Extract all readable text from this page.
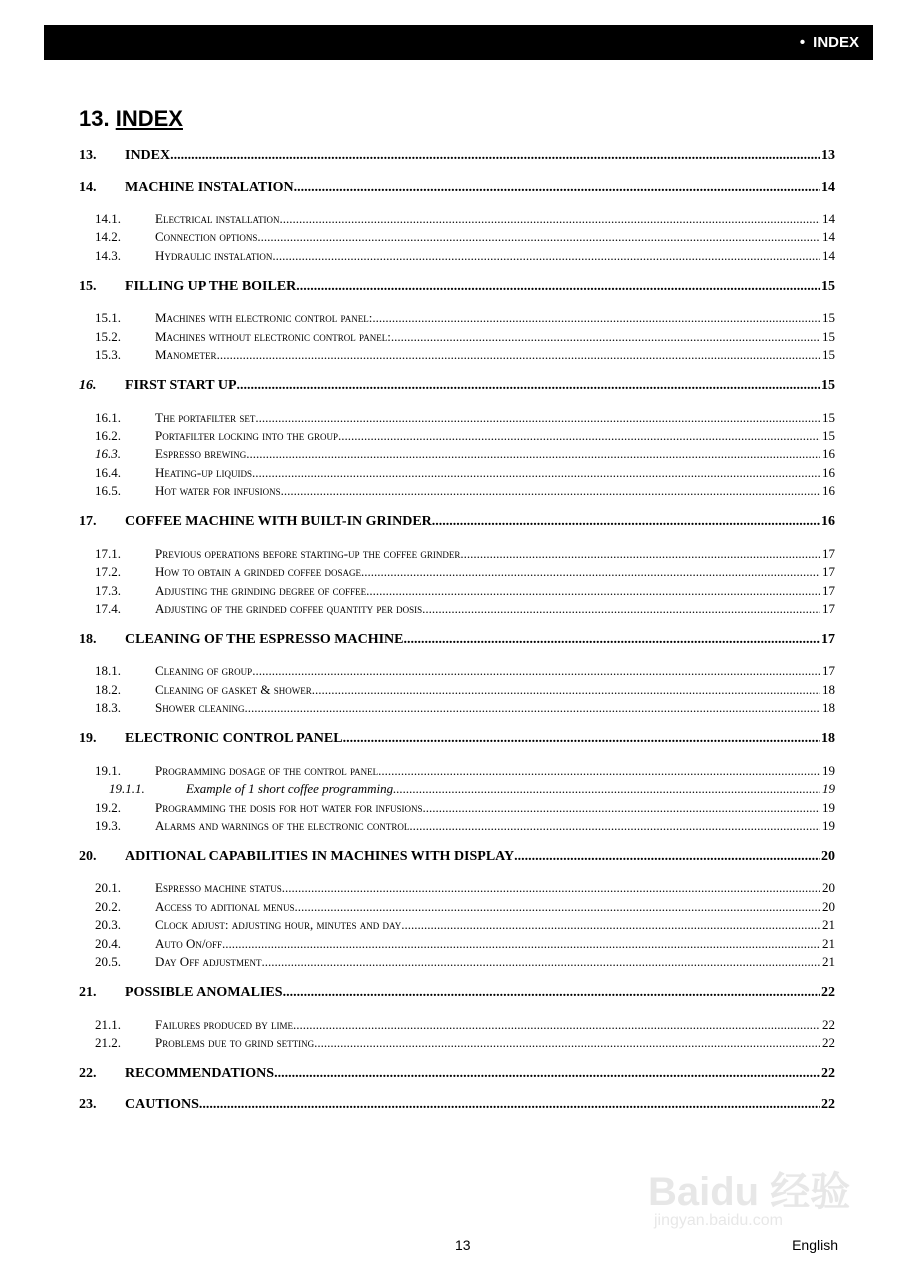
• INDEX
13. INDEX
13. INDEX .....	13
14. MACHINE INSTALATION .....	14
14.1.	Electrical installation .....	14
14.2.	Connection options .....	14
14.3.	Hydraulic instalation. .....	14
15. FILLING UP THE BOILER .....	15
15.1.	Machines with electronic control panel: .....	15
15.2.	Machines without electronic control panel: .....	15
15.3.	Manometer .....	15
16. FIRST START UP .....	15
16.1.	The portafilter set .....	15
16.2.	Portafilter locking into the group .....	15
16.3.	Espresso brewing .....	16
16.4.	Heating-up liquids .....	16
16.5.	Hot water for infusions .....	16
17. COFFEE MACHINE WITH BUILT-IN GRINDER .....	16
17.1.	Previous operations before starting-up the coffee grinder .....	17
17.2.	How to obtain a grinded coffee dosage. .....	17
17.3.	Adjusting the grinding degree of coffee. .....	17
17.4.	Adjusting of the grinded coffee quantity per dosis .....	17
18. CLEANING OF THE ESPRESSO MACHINE .....	17
18.1.	Cleaning of group .....	17
18.2.	Cleaning of gasket & shower .....	18
18.3.	Shower cleaning .....	18
19. ELECTRONIC CONTROL PANEL .....	18
19.1.	Programming dosage of the control panel .....	19
19.1.1.	Example of 1 short coffee programming .....	19
19.2.	Programming the dosis for hot water for infusions .....	19
19.3.	Alarms and warnings of the electronic control .....	19
20. ADITIONAL CAPABILITIES IN MACHINES WITH DISPLAY .....	20
20.1.	Espresso machine status .....	20
20.2.	Access to aditional menus .....	20
20.3.	Clock adjust: adjusting hour, minutes and day .....	21
20.4.	Auto On/off .....	21
20.5.	Day Off adjustment .....	21
21. POSSIBLE ANOMALIES .....	22
21.1.	Failures produced by lime .....	22
21.2.	Problems due to grind setting .....	22
22. RECOMMENDATIONS .....	22
23. CAUTIONS .....	22
13	English
Baidu 经验
jingyan.baidu.com
